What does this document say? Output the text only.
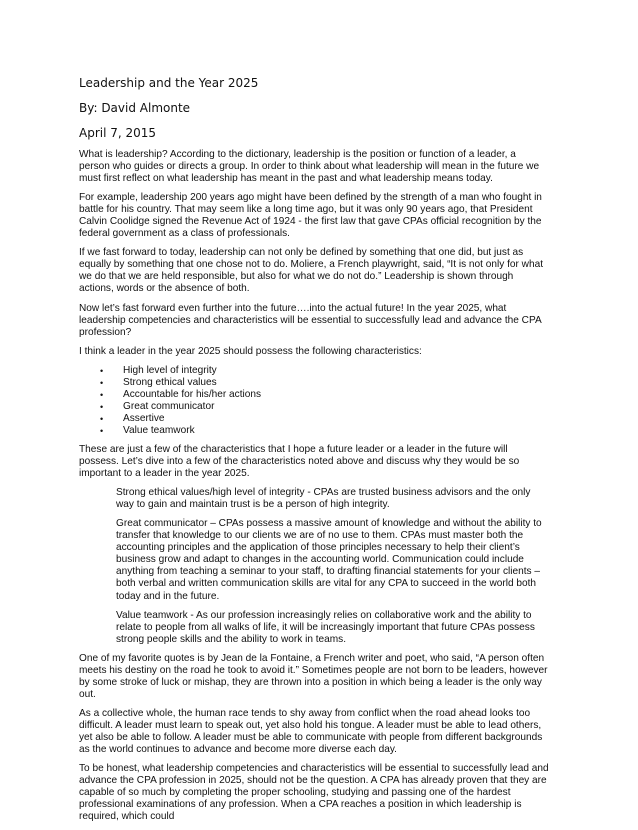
Leadership and the Year 2025
By: David Almonte
April 7, 2015

What is leadership? According to the dictionary, leadership is the position or function of a leader, a person who guides or directs a group. In order to think about what leadership will mean in the future we must first reflect on what leadership has meant in the past and what leadership means today.

For example, leadership 200 years ago might have been defined by the strength of a man who fought in battle for his country. That may seem like a long time ago, but it was only 90 years ago, that President Calvin Coolidge signed the Revenue Act of 1924 - the first law that gave CPAs official recognition by the federal government as a class of professionals.

If we fast forward to today, leadership can not only be defined by something that one did, but just as equally by something that one chose not to do. Moliere, a French playwright, said, “It is not only for what we do that we are held responsible, but also for what we do not do.” Leadership is shown through actions, words or the absence of both.

Now let’s fast forward even further into the future….into the actual future! In the year 2025, what leadership competencies and characteristics will be essential to successfully lead and advance the CPA profession?

I think a leader in the year 2025 should possess the following characteristics:

• High level of integrity
• Strong ethical values
• Accountable for his/her actions
• Great communicator
• Assertive
• Value teamwork

These are just a few of the characteristics that I hope a future leader or a leader in the future will possess. Let’s dive into a few of the characteristics noted above and discuss why they would be so important to a leader in the year 2025.

Strong ethical values/high level of integrity - CPAs are trusted business advisors and the only way to gain and maintain trust is be a person of high integrity.

Great communicator – CPAs possess a massive amount of knowledge and without the ability to transfer that knowledge to our clients we are of no use to them. CPAs must master both the accounting principles and the application of those principles necessary to help their client’s business grow and adapt to changes in the accounting world. Communication could include anything from teaching a seminar to your staff, to drafting financial statements for your clients – both verbal and written communication skills are vital for any CPA to succeed in the world both today and in the future.

Value teamwork - As our profession increasingly relies on collaborative work and the ability to relate to people from all walks of life, it will be increasingly important that future CPAs possess strong people skills and the ability to work in teams.

One of my favorite quotes is by Jean de la Fontaine, a French writer and poet, who said, “A person often meets his destiny on the road he took to avoid it.” Sometimes people are not born to be leaders, however by some stroke of luck or mishap, they are thrown into a position in which being a leader is the only way out.

As a collective whole, the human race tends to shy away from conflict when the road ahead looks too difficult. A leader must learn to speak out, yet also hold his tongue. A leader must be able to lead others, yet also be able to follow. A leader must be able to communicate with people from different backgrounds as the world continues to advance and become more diverse each day.

To be honest, what leadership competencies and characteristics will be essential to successfully lead and advance the CPA profession in 2025, should not be the question. A CPA has already proven that they are capable of so much by completing the proper schooling, studying and passing one of the hardest professional examinations of any profession. When a CPA reaches a position in which leadership is required, which could
